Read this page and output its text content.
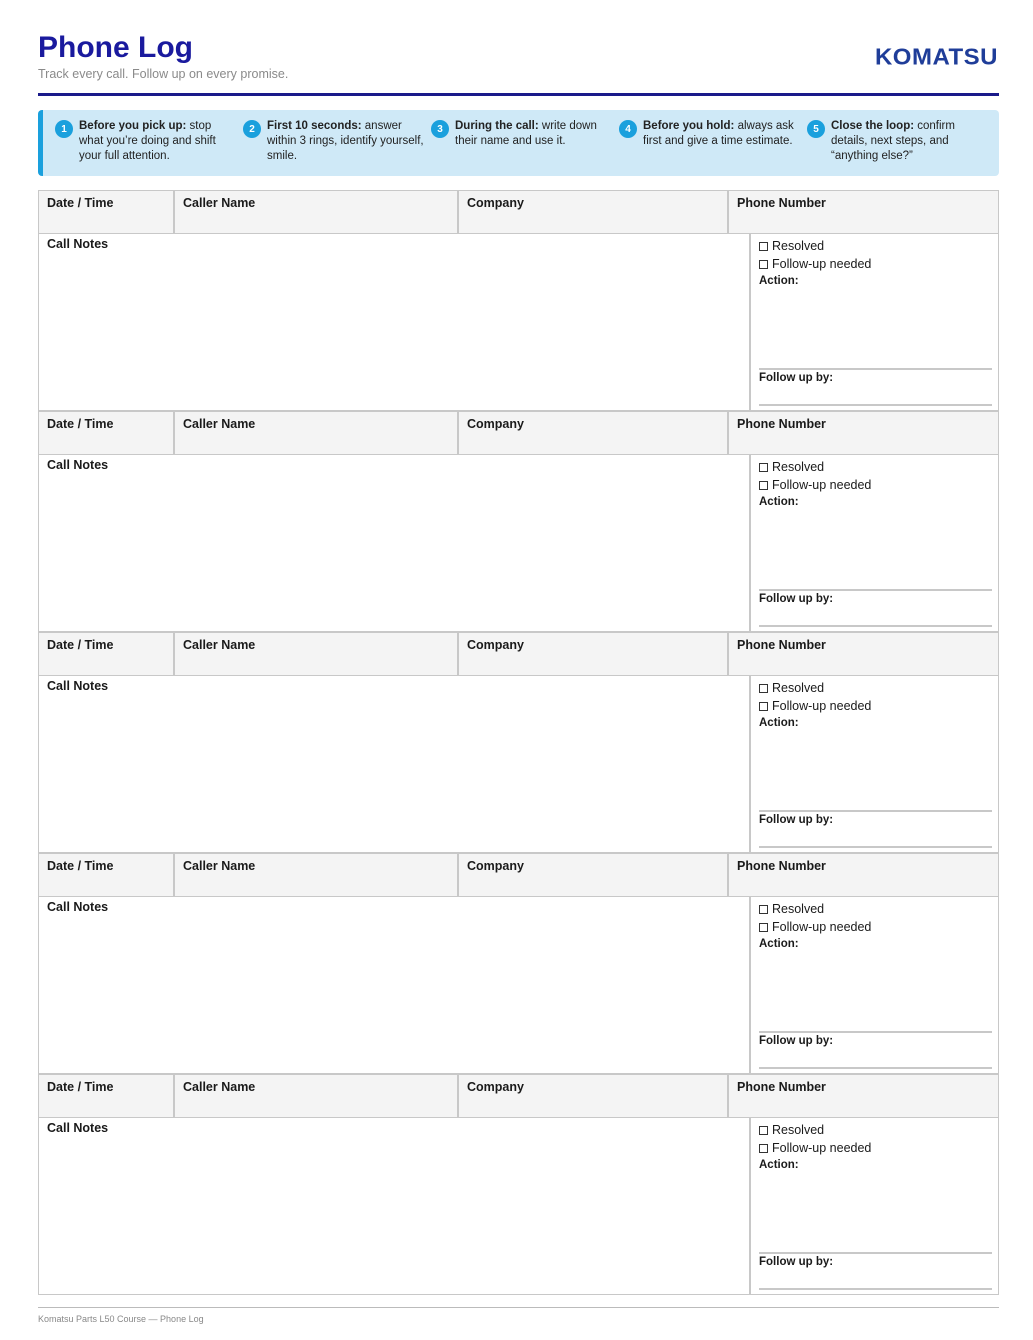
Phone Log
Track every call. Follow up on every promise.
KOMATSU
1	Before you pick up: stop what you’re doing and shift your full attention.
2	First 10 seconds: answer within 3 rings, identify yourself, smile.
3	During the call: write down their name and use it.
4	Before you hold: always ask first and give a time estimate.
5	Close the loop: confirm details, next steps, and “anything else?”
Date / Time	Caller Name	Company	Phone Number
Call Notes	Resolved
Follow-up needed
Action:
Follow up by:
Date / Time	Caller Name	Company	Phone Number
Call Notes	Resolved
Follow-up needed
Action:
Follow up by:
Date / Time	Caller Name	Company	Phone Number
Call Notes	Resolved
Follow-up needed
Action:
Follow up by:
Date / Time	Caller Name	Company	Phone Number
Call Notes	Resolved
Follow-up needed
Action:
Follow up by:
Date / Time	Caller Name	Company	Phone Number
Call Notes	Resolved
Follow-up needed
Action:
Follow up by:
Komatsu Parts L50 Course — Phone Log
